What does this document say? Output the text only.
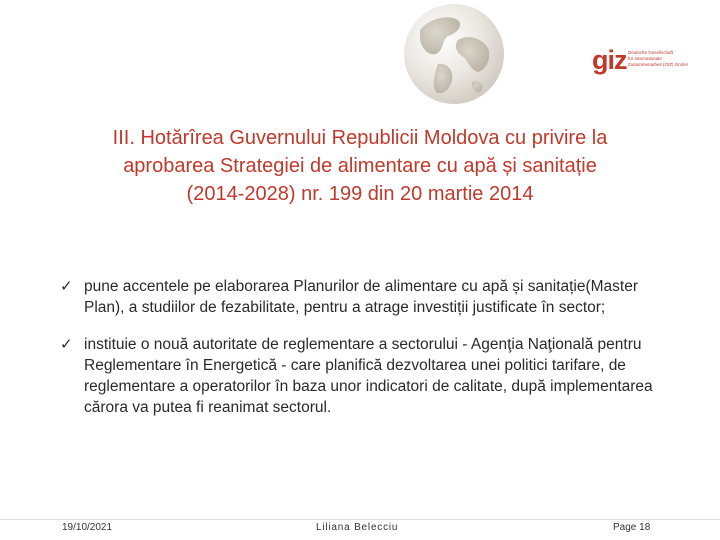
giz Deutsche Gesellschaft
für Internationale
Zusammenarbeit (GIZ) GmbH
III. Hotărîrea Guvernului Republicii Moldova cu privire la
aprobarea Strategiei de alimentare cu apă și sanitație
(2014-2028) nr. 199 din 20 martie 2014
✓ pune accentele pe elaborarea Planurilor de alimentare cu apă și sanitație(Master Plan), a studiilor de fezabilitate, pentru a atrage investiții justificate în sector;
✓ instituie o nouă autoritate de reglementare a sectorului - Agenţia Naţională pentru Reglementare în Energetică - care planifică dezvoltarea unei politici tarifare, de reglementare a operatorilor în baza unor indicatori de calitate, după implementarea cărora va putea fi reanimat sectorul.
19/10/2021	Liliana Belecciu	Page 18
